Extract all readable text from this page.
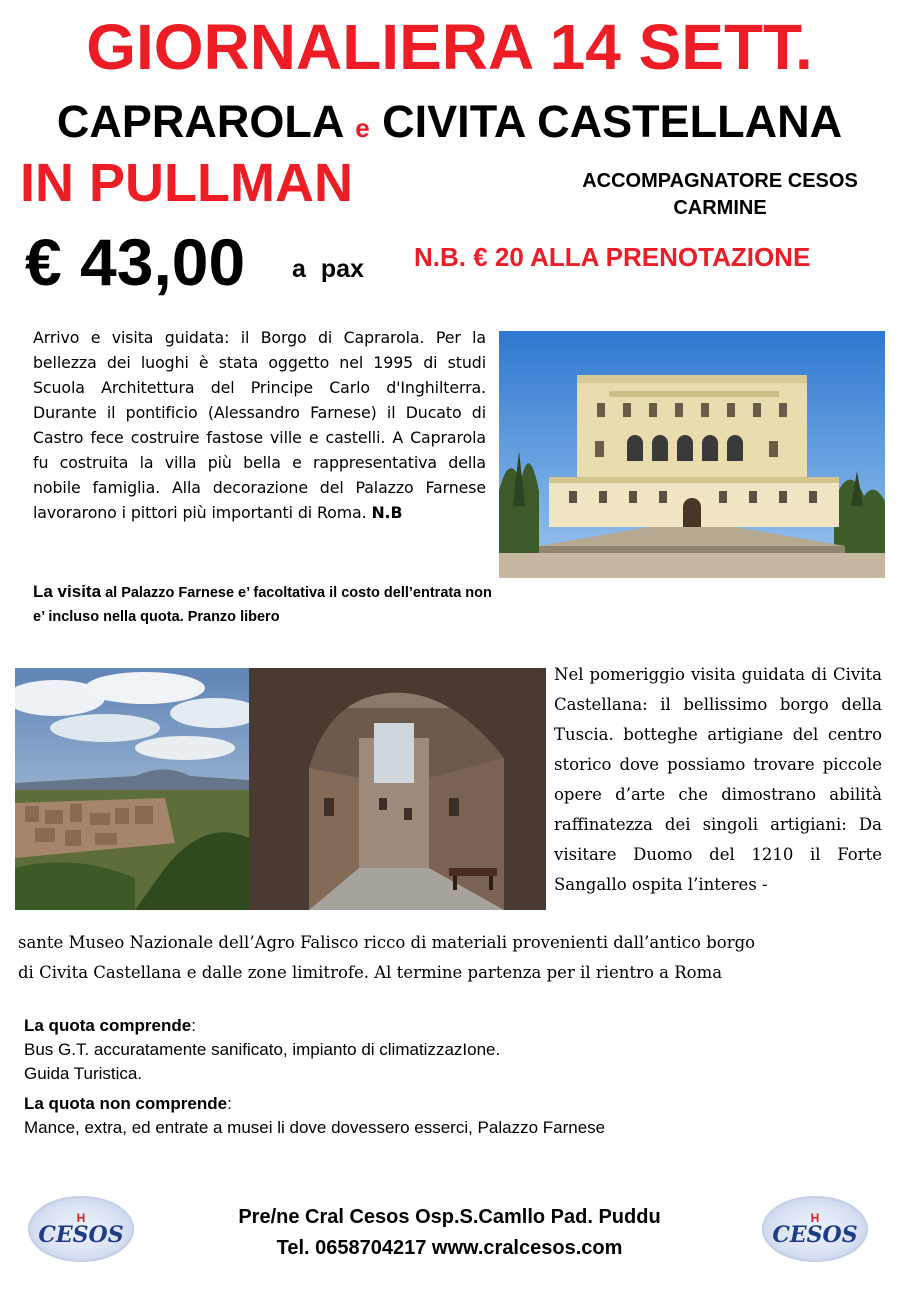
GIORNALIERA 14 SETT.
CAPRAROLA e CIVITA CASTELLANA
IN PULLMAN	ACCOMPAGNATORE CESOS
CARMINE
€ 43,00 a pax N.B. € 20 ALLA PRENOTAZIONE
Arrivo e visita guidata: il Borgo di Caprarola. Per la bellezza dei luoghi è stata oggetto nel 1995 di studi Scuola Architettura del Principe Carlo d'Inghilterra. Durante il pontificio (Alessandro Farnese) il Ducato di Castro fece costruire fastose ville e castelli. A Caprarola fu costruita la villa più bella e rappresentativa della nobile famiglia. Alla decorazione del Palazzo Farnese lavorarono i pittori più importanti di Roma. N.B
La visita al Palazzo Farnese e’ facoltativa il costo dell’entrata non e’ incluso nella quota. Pranzo libero
Nel pomeriggio visita guidata di Civita Castellana: il bellissimo borgo della Tuscia. botteghe artigiane del centro storico dove possiamo trovare piccole opere d’arte che dimostrano abilità raffinatezza dei singoli artigiani: Da visitare Duomo del 1210 il Forte Sangallo ospita l’interes -
sante Museo Nazionale dell’Agro Falisco ricco di materiali provenienti dall’antico borgo
di Civita Castellana e dalle zone limitrofe. Al termine partenza per il rientro a Roma
La quota comprende:
Bus G.T. accuratamente sanificato, impianto di climatizzazIone.
Guida Turistica.
La quota non comprende:
Mance, extra, ed entrate a musei li dove dovessero esserci, Palazzo Farnese
H
CESOS
H
CESOS
Pre/ne Cral Cesos Osp.S.Camllo Pad. Puddu
Tel. 0658704217 www.cralcesos.com
